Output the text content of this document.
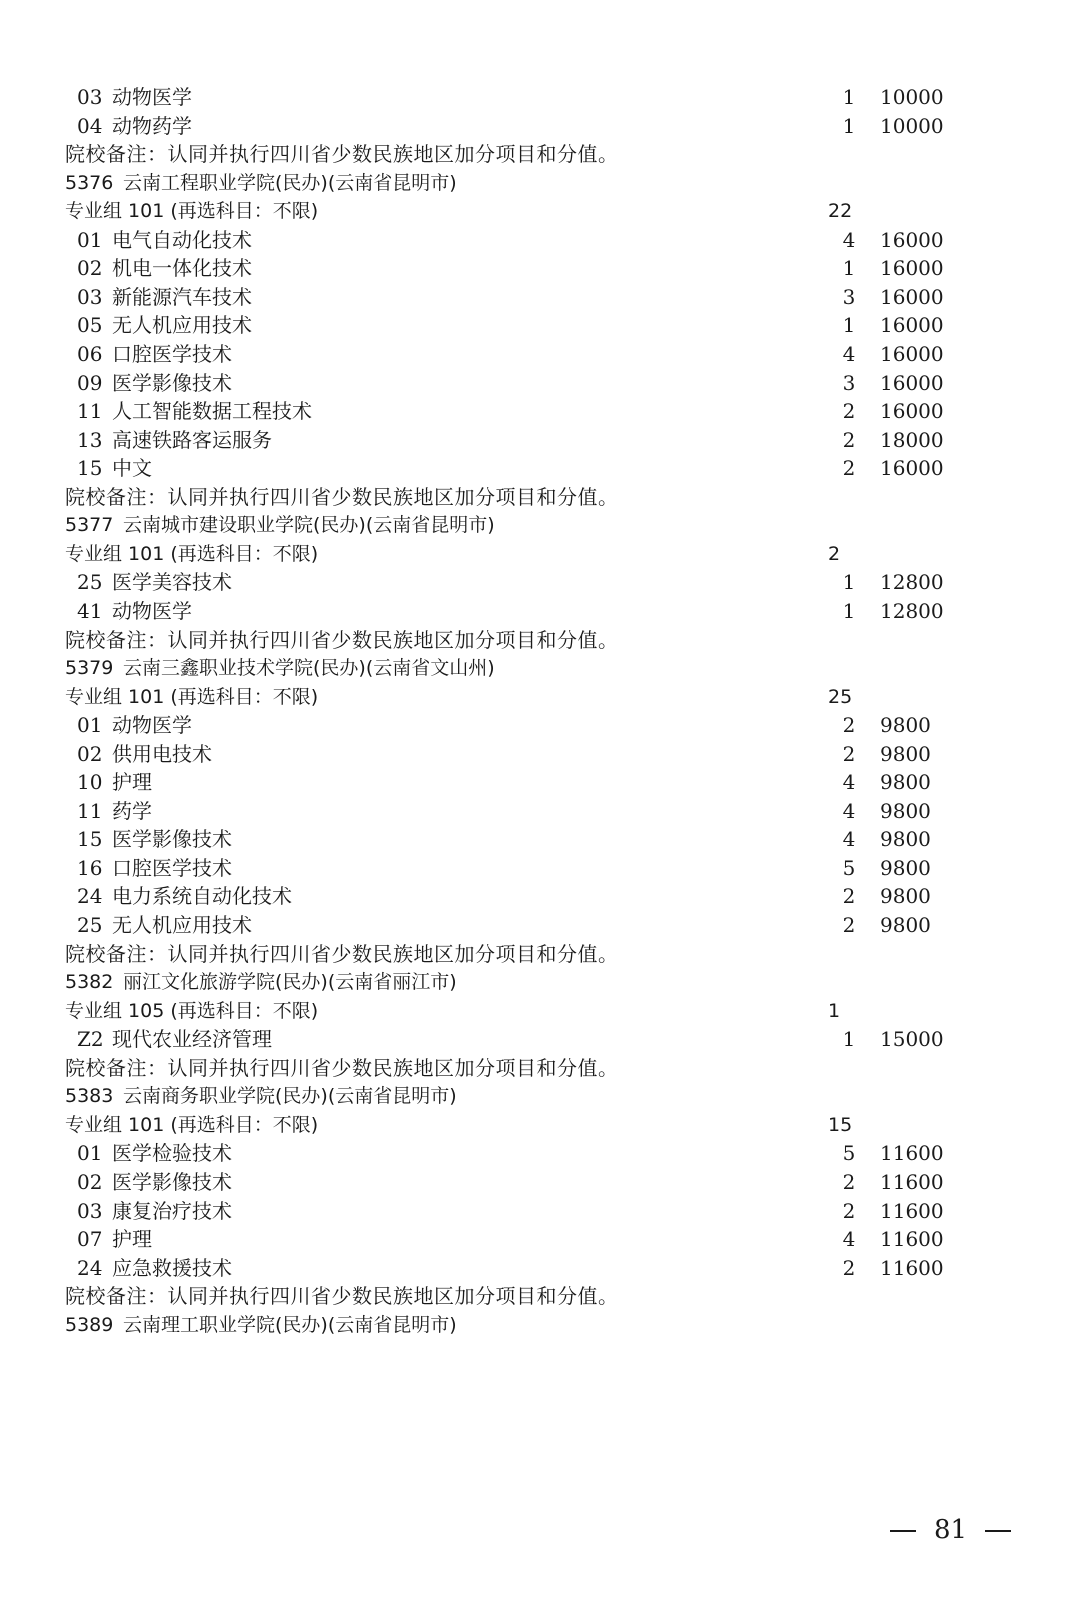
03 动物医学	1 10000
04 动物药学	1 10000
院校备注：认同并执行四川省少数民族地区加分项目和分值。
5376 云南工程职业学院(民办)(云南省昆明市)
专业组 101 (再选科目：不限)	22
01 电气自动化技术	4 16000
02 机电一体化技术	1 16000
03 新能源汽车技术	3 16000
05 无人机应用技术	1 16000
06 口腔医学技术	4 16000
09 医学影像技术	3 16000
11 人工智能数据工程技术	2 16000
13 高速铁路客运服务	2 18000
15 中文	2 16000
院校备注：认同并执行四川省少数民族地区加分项目和分值。
5377 云南城市建设职业学院(民办)(云南省昆明市)
专业组 101 (再选科目：不限)	2
25 医学美容技术	1 12800
41 动物医学	1 12800
院校备注：认同并执行四川省少数民族地区加分项目和分值。
5379 云南三鑫职业技术学院(民办)(云南省文山州)
专业组 101 (再选科目：不限)	25
01 动物医学	2 9800
02 供用电技术	2 9800
10 护理	4 9800
11 药学	4 9800
15 医学影像技术	4 9800
16 口腔医学技术	5 9800
24 电力系统自动化技术	2 9800
25 无人机应用技术	2 9800
院校备注：认同并执行四川省少数民族地区加分项目和分值。
5382 丽江文化旅游学院(民办)(云南省丽江市)
专业组 105 (再选科目：不限)	1
Z2 现代农业经济管理	1 15000
院校备注：认同并执行四川省少数民族地区加分项目和分值。
5383 云南商务职业学院(民办)(云南省昆明市)
专业组 101 (再选科目：不限)	15
01 医学检验技术	5 11600
02 医学影像技术	2 11600
03 康复治疗技术	2 11600
07 护理	4 11600
24 应急救援技术	2 11600
院校备注：认同并执行四川省少数民族地区加分项目和分值。
5389 云南理工职业学院(民办)(云南省昆明市)
81
